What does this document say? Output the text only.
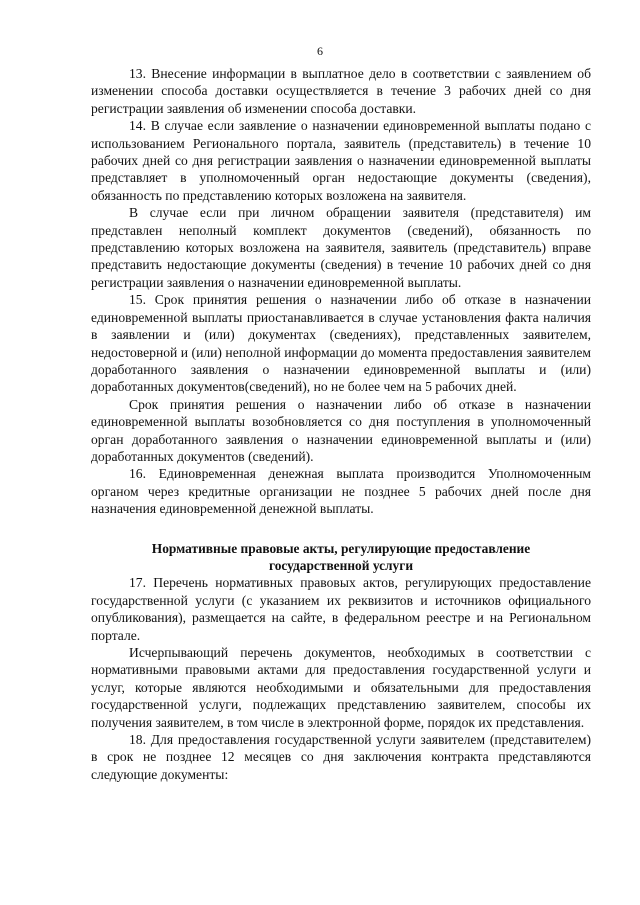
6

13. Внесение информации в выплатное дело в соответствии с заявлением об изменении способа доставки осуществляется в течение 3 рабочих дней со дня регистрации заявления об изменении способа доставки.

14. В случае если заявление о назначении единовременной выплаты подано с использованием Регионального портала, заявитель (представитель) в течение 10 рабочих дней со дня регистрации заявления о назначении единовременной выплаты представляет в уполномоченный орган недостающие документы (сведения), обязанность по представлению которых возложена на заявителя.

В случае если при личном обращении заявителя (представителя) им представлен неполный комплект документов (сведений), обязанность по представлению которых возложена на заявителя, заявитель (представитель) вправе представить недостающие документы (сведения) в течение 10 рабочих дней со дня регистрации заявления о назначении единовременной выплаты.

15. Срок принятия решения о назначении либо об отказе в назначении единовременной выплаты приостанавливается в случае установления факта наличия в заявлении и (или) документах (сведениях), представленных заявителем, недостоверной и (или) неполной информации до момента предоставления заявителем доработанного заявления о назначении единовременной выплаты и (или) доработанных документов(сведений), но не более чем на 5 рабочих дней.

Срок принятия решения о назначении либо об отказе в назначении единовременной выплаты возобновляется со дня поступления в уполномоченный орган доработанного заявления о назначении единовременной выплаты и (или) доработанных документов (сведений).

16. Единовременная денежная выплата производится Уполномоченным органом через кредитные организации не позднее 5 рабочих дней после дня назначения единовременной денежной выплаты.

Нормативные правовые акты, регулирующие предоставление государственной услуги

17. Перечень нормативных правовых актов, регулирующих предоставление государственной услуги (с указанием их реквизитов и источников официального опубликования), размещается на сайте, в федеральном реестре и на Региональном портале.

Исчерпывающий перечень документов, необходимых в соответствии с нормативными правовыми актами для предоставления государственной услуги и услуг, которые являются необходимыми и обязательными для предоставления государственной услуги, подлежащих представлению заявителем, способы их получения заявителем, в том числе в электронной форме, порядок их представления.

18. Для предоставления государственной услуги заявителем (представителем) в срок не позднее 12 месяцев со дня заключения контракта представляются следующие документы:
